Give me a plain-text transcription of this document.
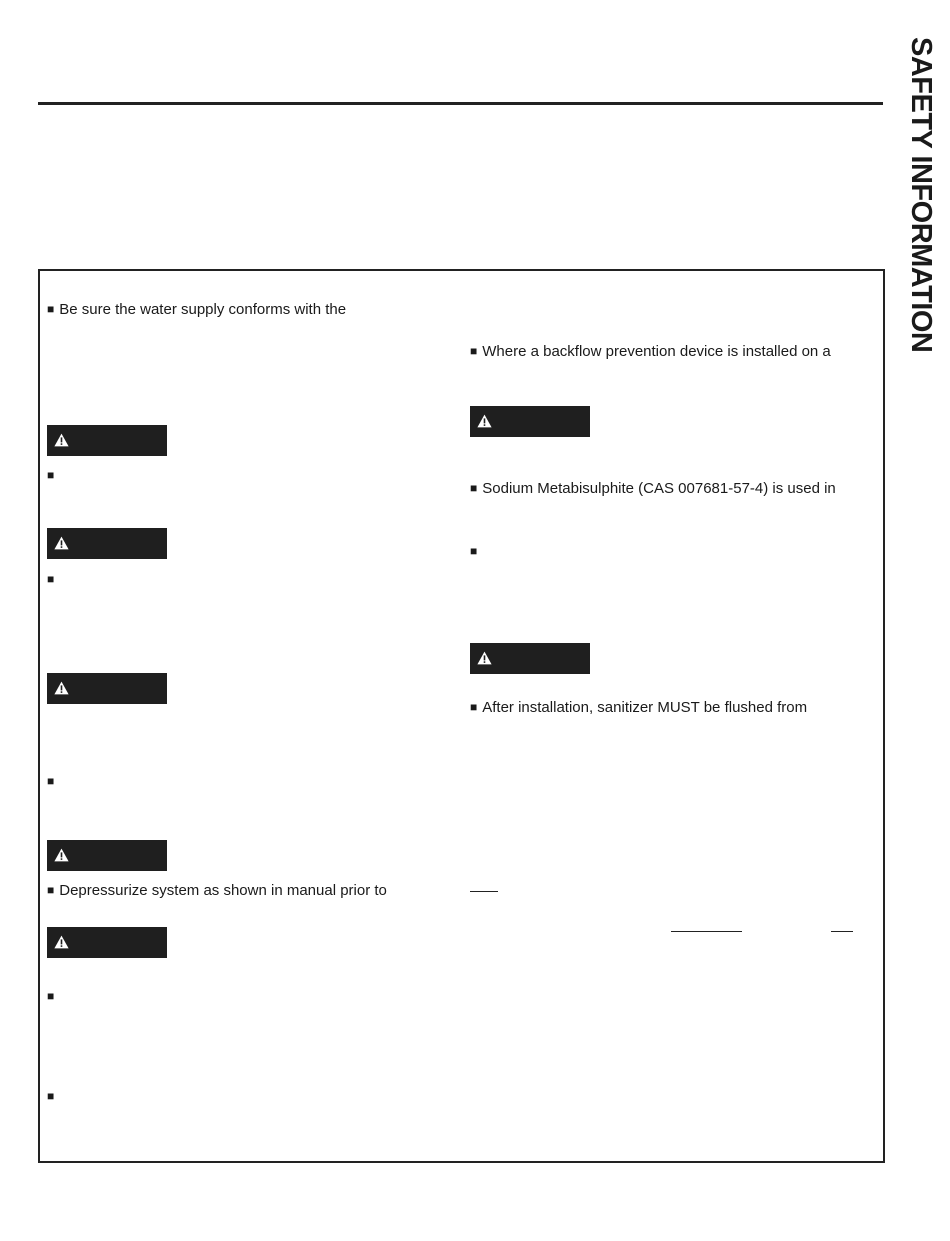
SAFETY INFORMATION
■ Be sure the water supply conforms with the
■
■
■
■ Depressurize system as shown in manual prior to
■
■
■ Where a backflow prevention device is installed on a
■ Sodium Metabisulphite (CAS 007681-57-4) is used in
■
■ After installation, sanitizer MUST be flushed from
